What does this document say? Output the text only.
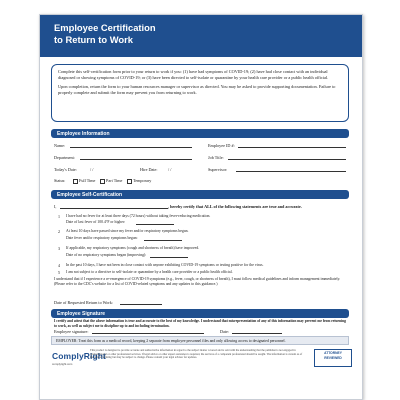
Employee Certification
to Return to Work

Complete this self-certification form prior to your return to work if you: (1) have had symptoms of COVID-19; (2) have had close contact with an individual diagnosed or showing symptoms of COVID-19; or (3) have been directed to self-isolate or quarantine by your health care provider or a public health official.

Upon completion, return the form to your human resources manager or supervisor as directed. You may be asked to provide supporting documentation. Failure to properly complete and submit the form may prevent you from returning to work.

Employee Information
Name:	Employee ID #:
Department:	Job Title:
Today's Date:	/ /	Hire Date: / /	Supervisor:
Status:	Full Time	Part Time	Temporary
Employee Self-Certification
I,	, hereby certify that ALL of the following statements are true and accurate.
1 I have had no fever for at least three days (72 hours) without taking fever-reducing medication.
Date of last fever of 100.4°F or higher:
2 At least 10 days have passed since my fever and/or respiratory symptoms began.
Date fever and/or respiratory symptoms began:
3 If applicable, my respiratory symptoms (cough and shortness of breath) have improved.
Date of no respiratory symptoms began (improving):
4 In the past 10 days, I have not been in close contact with anyone exhibiting COVID-19 symptoms or testing positive for the virus.
5 I am not subject to a directive to self-isolate or quarantine by a health care provider or a public health official.
I understand that if I experience a re-emergence of COVID-19 symptoms (e.g., fever, cough, or shortness of breath), I must follow medical guidelines and inform management immediately. (Please refer to the CDC's website for a list of COVID-related symptoms and any updates to this guidance.)
Date of Requested Return to Work:
Employee Signature
I certify and attest that the above information is true and accurate to the best of my knowledge. I understand that misrepresentation of any of this information may prevent me from returning to work, as well as subject me to discipline up to and including termination.
Employee signature:	Date:
EMPLOYER: Treat this form as a medical record, keeping 2 separate from employee personnel files and only allowing access to designated personnel.
ComplyRight
complyright.com
This product is designed to provide accurate and authoritative information in regard to the subject matter covered and is sold with the understanding that the publisher is not engaged in rendering legal or other professional services. If legal advice or other expert assistance is required, the services of a competent professional should be sought. The information is current as of the time of printing but may be subject to change. Please consult your legal advisor for updates.
ATTORNEY REVIEWED
